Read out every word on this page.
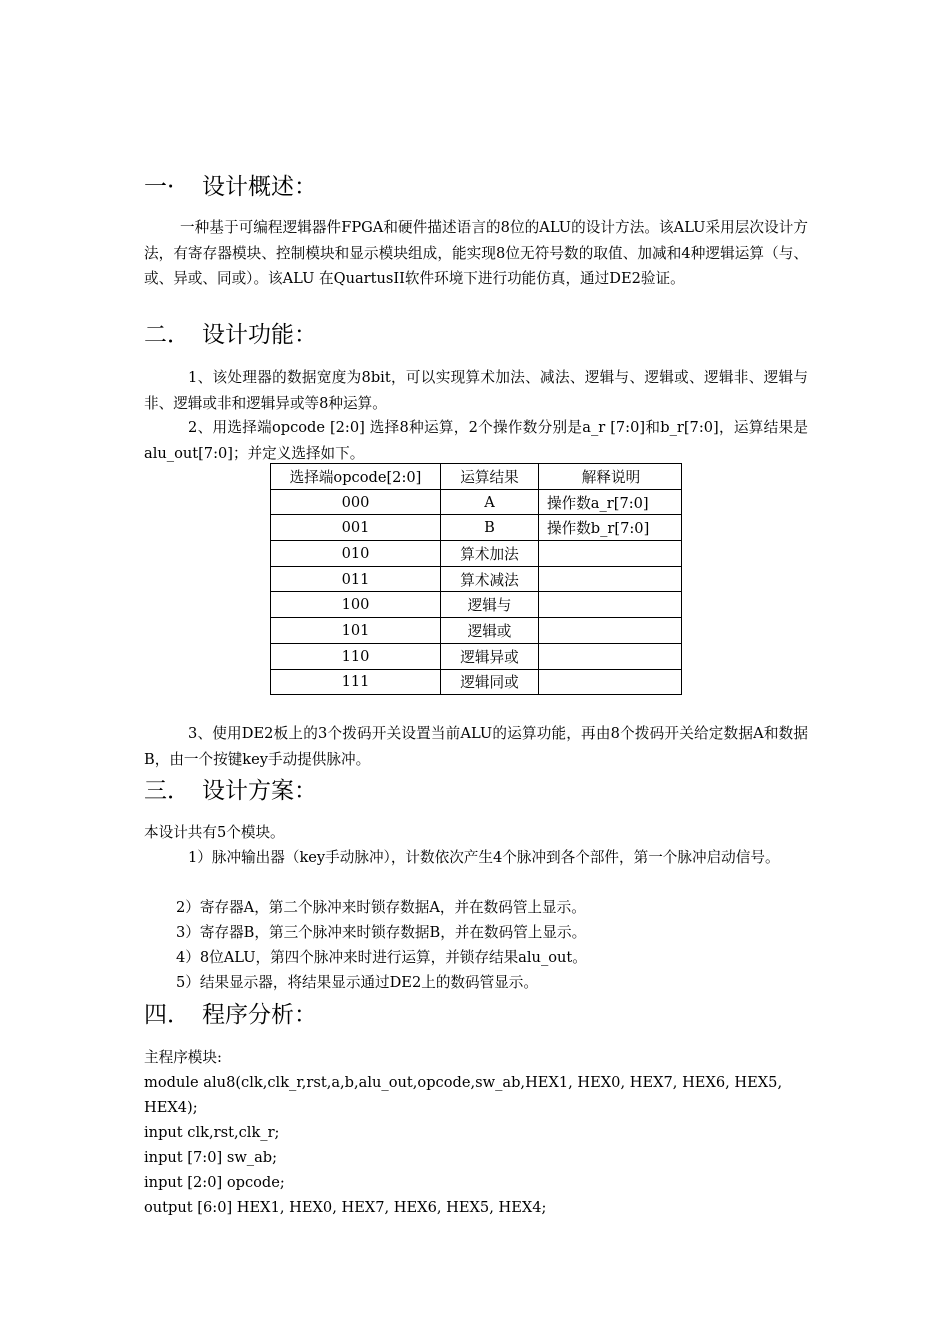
一· 设计概述：
一种基于可编程逻辑器件FPGA和硬件描述语言的8位的ALU的设计方法。该ALU采用层次设计方法，有寄存器模块、控制模块和显示模块组成，能实现8位无符号数的取值、加减和4种逻辑运算（与、或、异或、同或）。该ALU 在QuartusII软件环境下进行功能仿真，通过DE2验证。
二． 设计功能：
1、该处理器的数据宽度为8bit，可以实现算术加法、减法、逻辑与、逻辑或、逻辑非、逻辑与非、逻辑或非和逻辑异或等8种运算。
2、用选择端opcode [2:0] 选择8种运算，2个操作数分别是a_r [7:0]和b_r[7:0]，运算结果是alu_out[7:0]；并定义选择如下。
选择端opcode[2:0]	运算结果	解释说明
000	A	操作数a_r[7:0]
001	B	操作数b_r[7:0]
010	算术加法	
011	算术减法	
100	逻辑与	
101	逻辑或	
110	逻辑异或	
111	逻辑同或	
3、使用DE2板上的3个拨码开关设置当前ALU的运算功能，再由8个拨码开关给定数据A和数据B，由一个按键key手动提供脉冲。
三． 设计方案：
本设计共有5个模块。
1）脉冲输出器（key手动脉冲），计数依次产生4个脉冲到各个部件，第一个脉冲启动信号。
2）寄存器A，第二个脉冲来时锁存数据A，并在数码管上显示。
3）寄存器B，第三个脉冲来时锁存数据B，并在数码管上显示。
4）8位ALU，第四个脉冲来时进行运算，并锁存结果alu_out。
5）结果显示器，将结果显示通过DE2上的数码管显示。
四． 程序分析：
主程序模块:
module alu8(clk,clk_r,rst,a,b,alu_out,opcode,sw_ab,HEX1, HEX0, HEX7, HEX6, HEX5,
HEX4);
input clk,rst,clk_r;
input [7:0] sw_ab;
input [2:0] opcode;
output [6:0] HEX1, HEX0, HEX7, HEX6, HEX5, HEX4;
